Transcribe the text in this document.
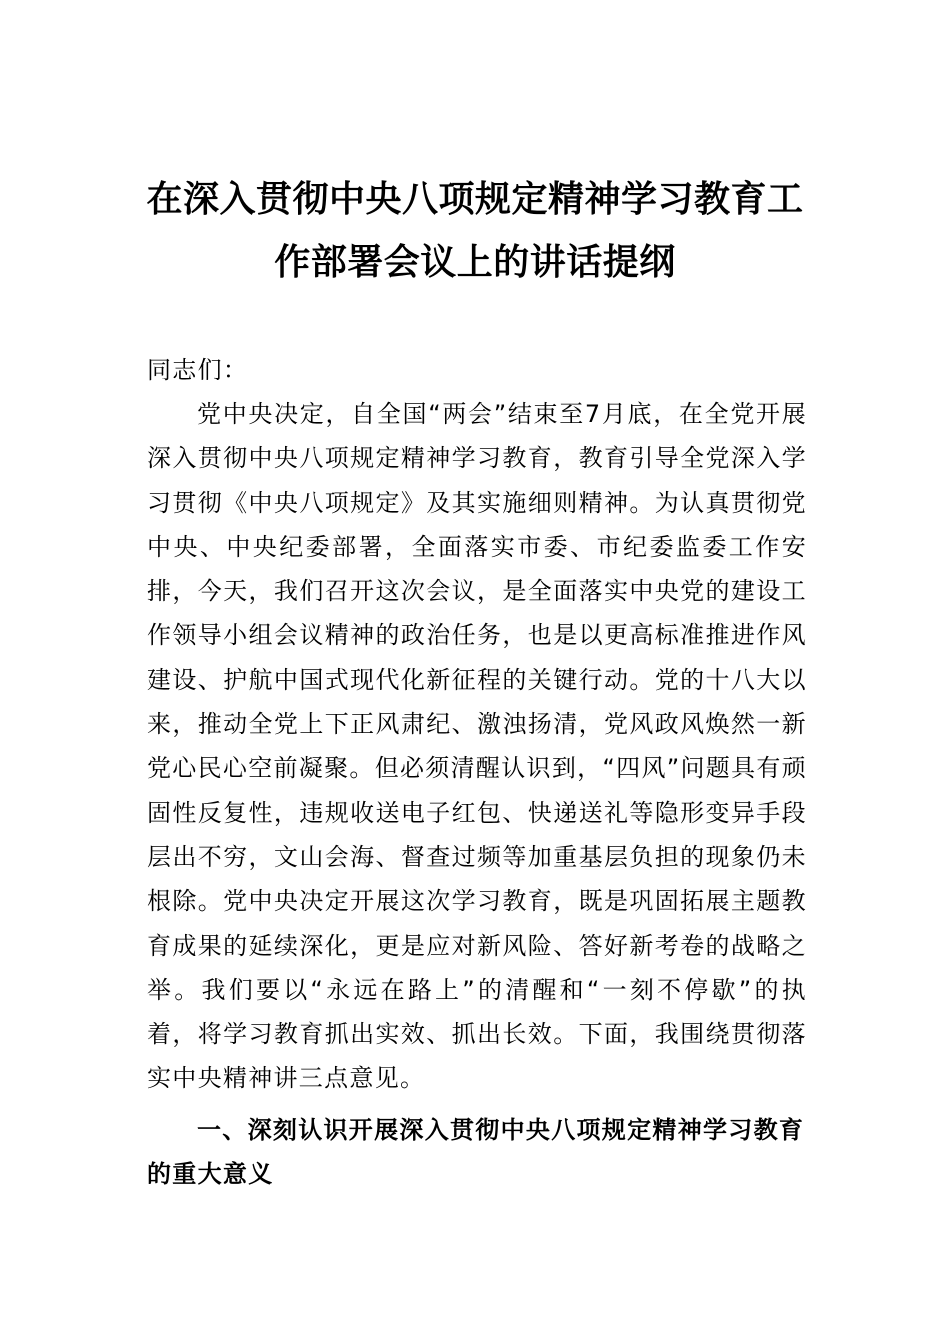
在深入贯彻中央八项规定精神学习教育工作部署会议上的讲话提纲

同志们：

党中央决定，自全国“两会”结束至7月底，在全党开展深入贯彻中央八项规定精神学习教育，教育引导全党深入学习贯彻《中央八项规定》及其实施细则精神。为认真贯彻党中央、中央纪委部署，全面落实市委、市纪委监委工作安排，今天，我们召开这次会议，是全面落实中央党的建设工作领导小组会议精神的政治任务，也是以更高标准推进作风建设、护航中国式现代化新征程的关键行动。党的十八大以来，推动全党上下正风肃纪、激浊扬清，党风政风焕然一新党心民心空前凝聚。但必须清醒认识到，“四风”问题具有顽固性反复性，违规收送电子红包、快递送礼等隐形变异手段层出不穷，文山会海、督查过频等加重基层负担的现象仍未根除。党中央决定开展这次学习教育，既是巩固拓展主题教育成果的延续深化，更是应对新风险、答好新考卷的战略之举。我们要以“永远在路上”的清醒和“一刻不停歇”的执着，将学习教育抓出实效、抓出长效。下面，我围绕贯彻落实中央精神讲三点意见。

一、深刻认识开展深入贯彻中央八项规定精神学习教育的重大意义
